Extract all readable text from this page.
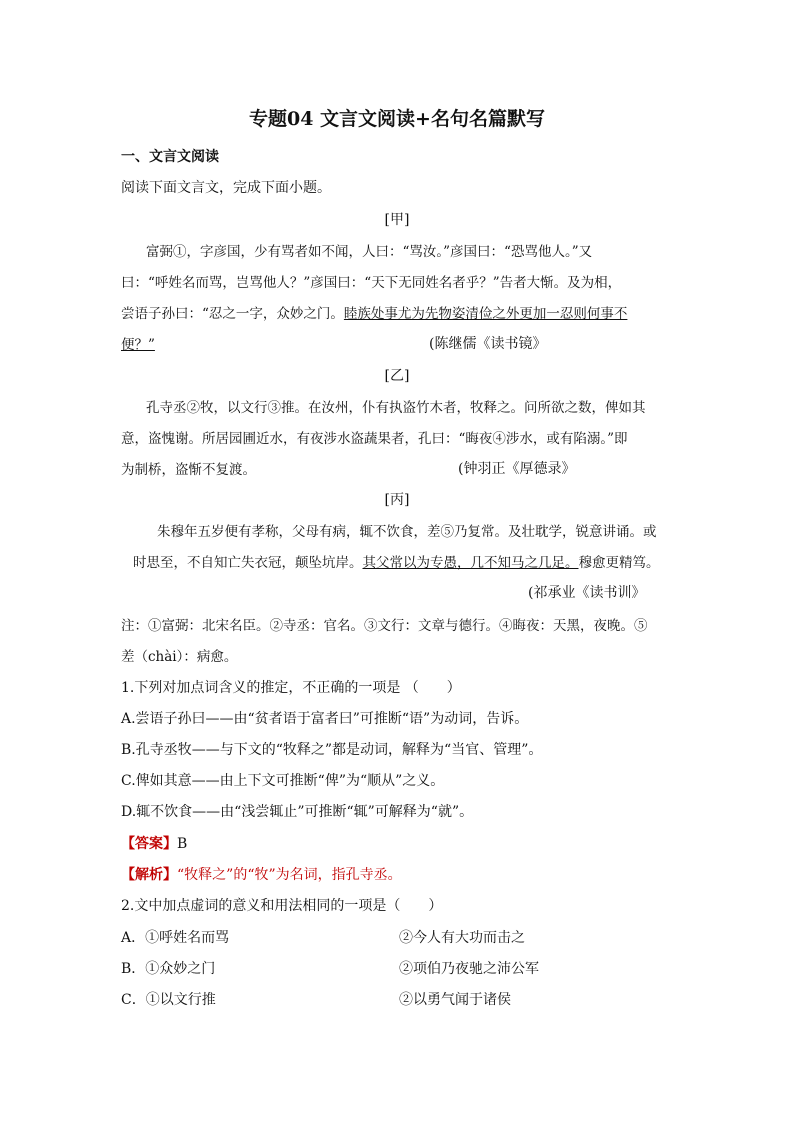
专题04 文言文阅读+名句名篇默写
一、文言文阅读
阅读下面文言文，完成下面小题。
[甲]
富弼①，字彦国，少有骂者如不闻，人曰：“骂汝。”彦国曰：“恐骂他人。”又
曰：“呼姓名而骂，岂骂他人？”彦国曰：“天下无同姓名者乎？”告者大惭。及为相，
尝语子孙曰：“忍之一字，众妙之门。睦族处事尤为先物姿清俭之外更加一忍则何事不
便？”	(陈继儒《读书镜》
[乙]
孔寺丞②牧，以文行③推。在汝州，仆有执盗竹木者，牧释之。问所欲之数，俾如其
意，盗愧谢。所居园圃近水，有夜涉水盗蔬果者，孔曰：“晦夜④涉水，或有陷溺。”即
为制桥，盗惭不复渡。	(钟羽正《厚德录》
[丙]
朱穆年五岁便有孝称，父母有病，辄不饮食，差⑤乃复常。及壮耽学，锐意讲诵。或
时思至，不自知亡失衣冠，颠坠坑岸。其父常以为专愚，几不知马之几足。穆愈更精笃。
(祁承业《读书训》
注：①富弼：北宋名臣。②寺丞：官名。③文行：文章与德行。④晦夜：天黑，夜晚。⑤
差（chài）：病愈。
1.下列对加点词含义的推定，不正确的一项是 （　　）
A.尝语子孙曰——由“贫者语于富者曰”可推断“语”为动词，告诉。
B.孔寺丞牧——与下文的“牧释之”都是动词，解释为“当官、管理”。
C.俾如其意——由上下文可推断“俾”为“顺从”之义。
D.辄不饮食——由“浅尝辄止”可推断“辄”可解释为“就”。
【答案】B
【解析】“牧释之”的“牧”为名词，指孔寺丞。
2.文中加点虚词的意义和用法相同的一项是（　　）
A．①呼姓名而骂	②今人有大功而击之
B．①众妙之门	②项伯乃夜驰之沛公军
C．①以文行推	②以勇气闻于诸侯
